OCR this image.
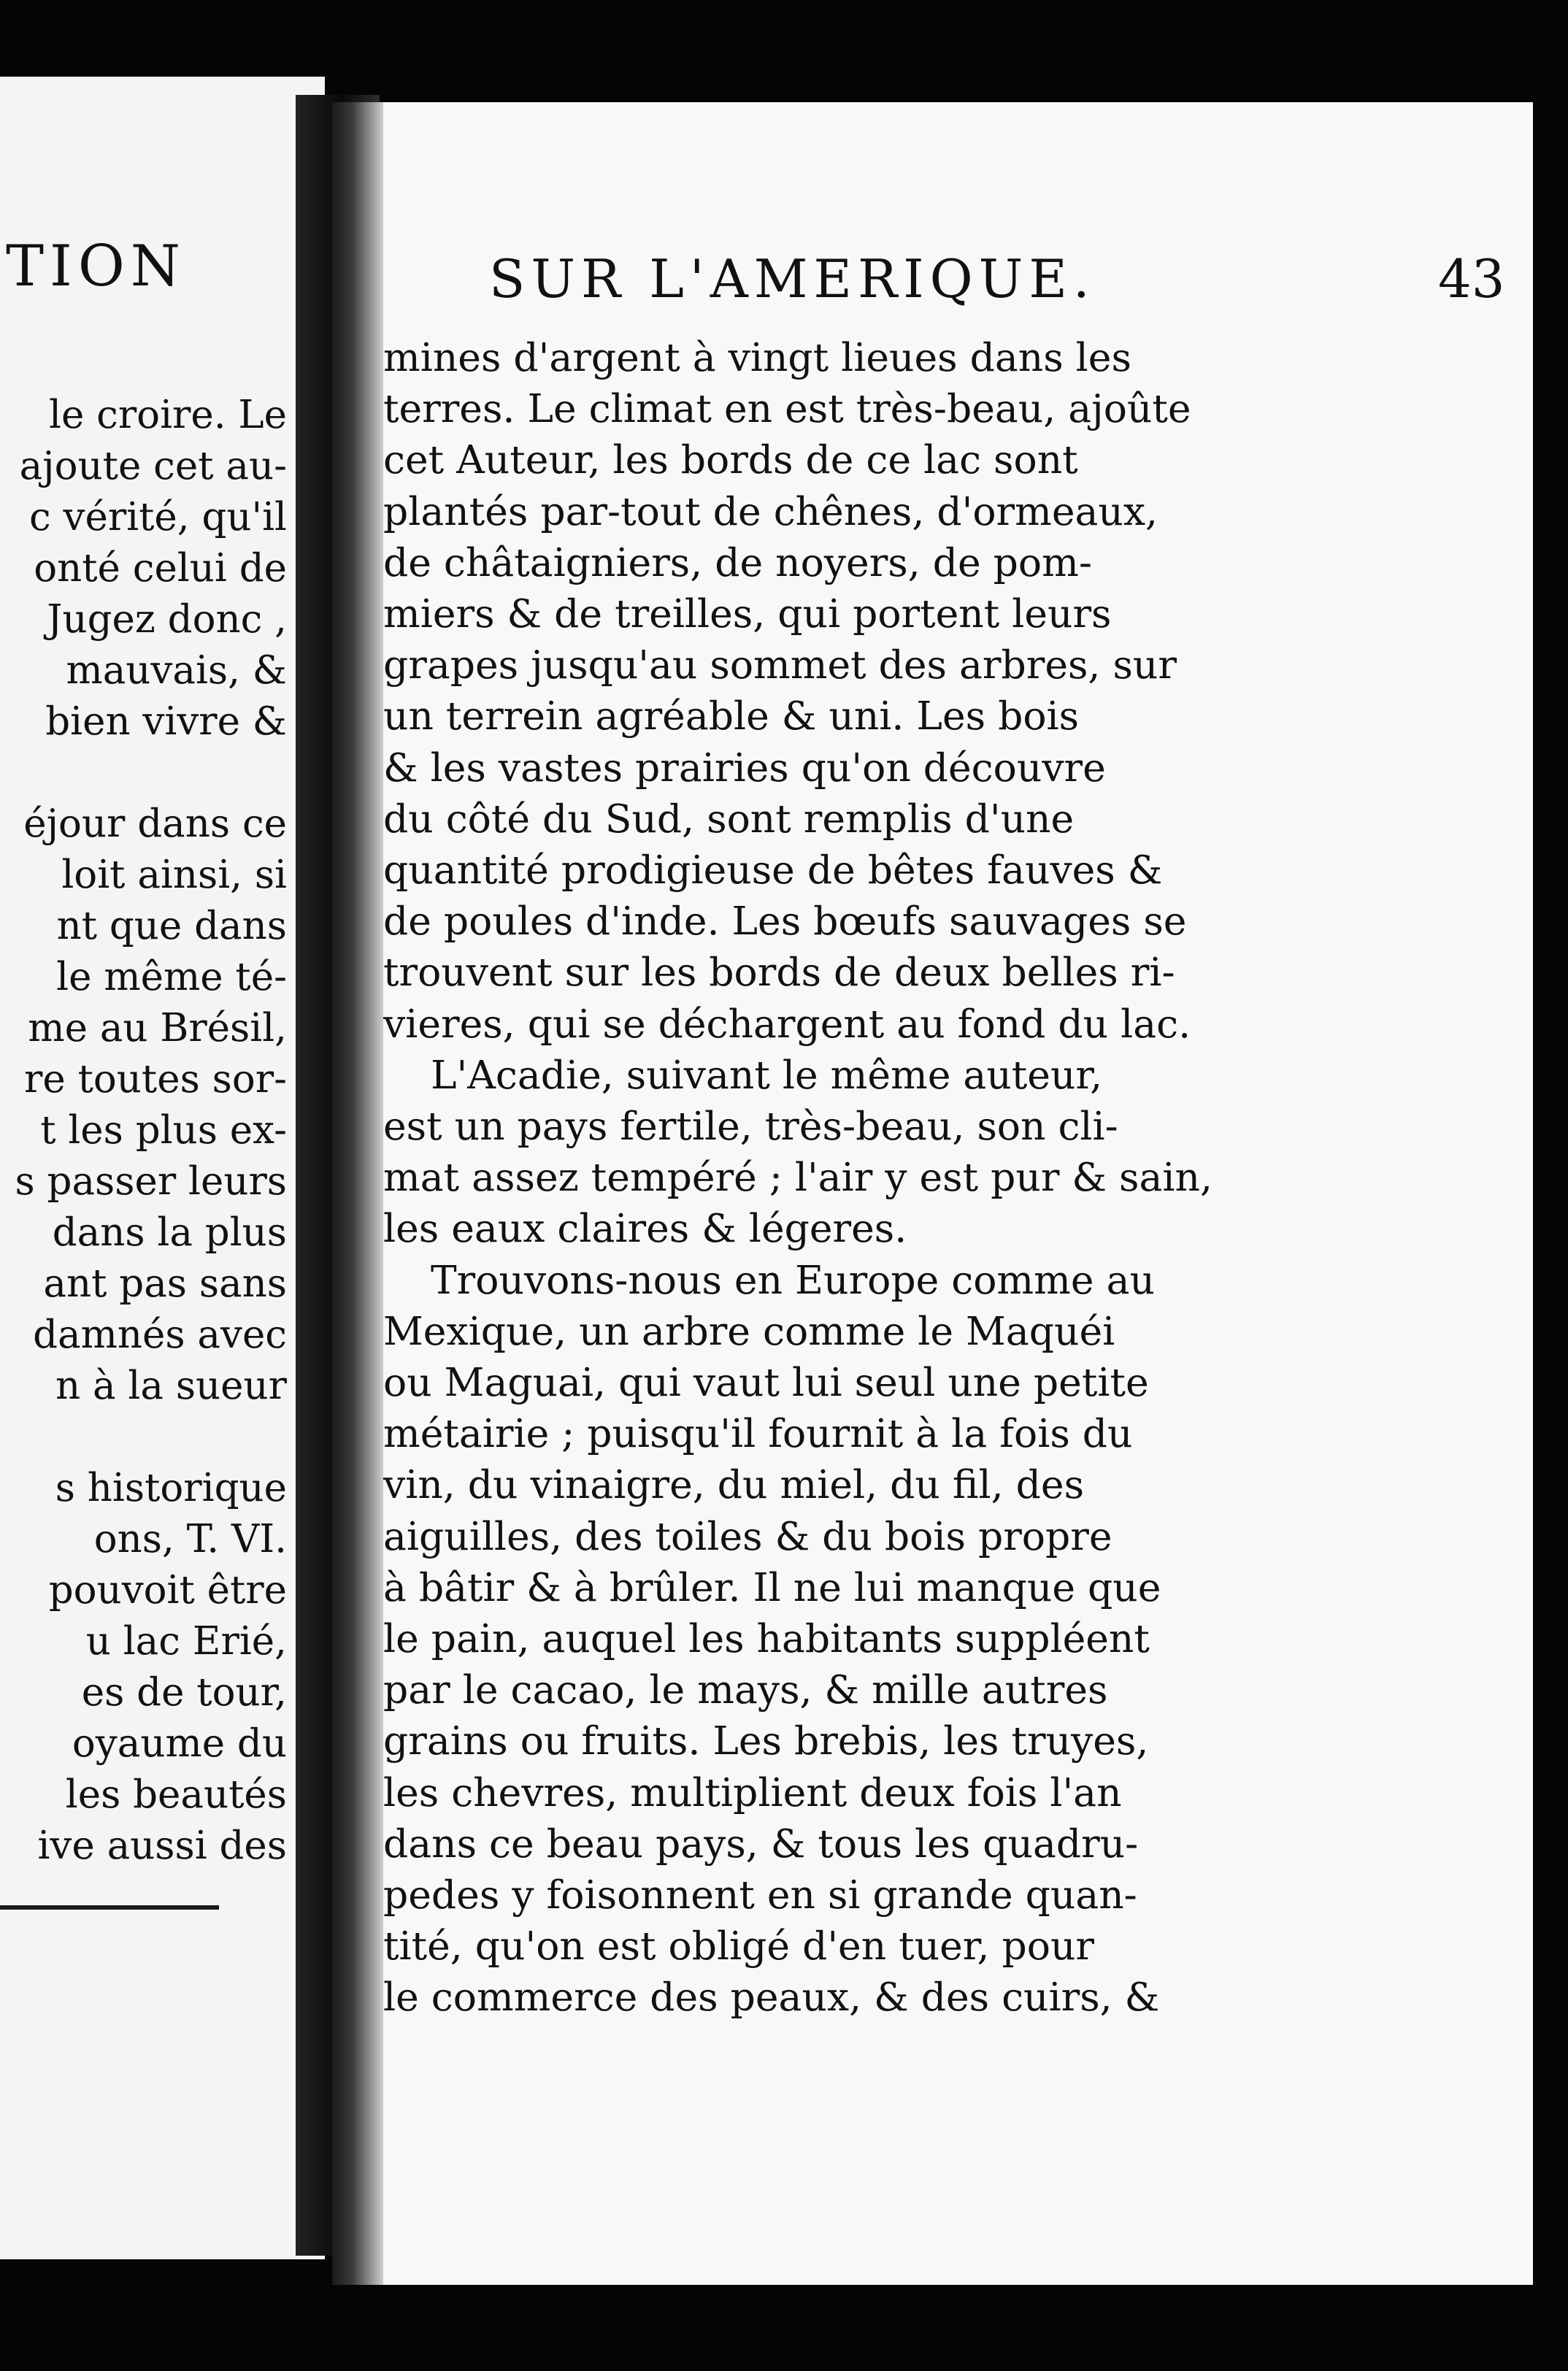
TION
le croire. Le
ajoute cet au-
c vérité, qu'il
onté celui de
Jugez donc ,
mauvais, &
bien vivre &
éjour dans ce
loit ainsi, si
nt que dans
le même té-
me au Brésil,
re toutes sor-
t les plus ex-
s passer leurs
dans la plus
ant pas sans
damnés avec
n à la sueur
s historique
ons, T. VI.
pouvoit être
u lac Erié,
es de tour,
oyaume du
les beautés
ive aussi des
SUR L'AMERIQUE.	43
mines d'argent à vingt lieues dans les
terres. Le climat en est très-beau, ajoûte
cet Auteur, les bords de ce lac sont
plantés par-tout de chênes, d'ormeaux,
de châtaigniers, de noyers, de pom-
miers & de treilles, qui portent leurs
grapes jusqu'au sommet des arbres, sur
un terrein agréable & uni. Les bois
& les vastes prairies qu'on découvre
du côté du Sud, sont remplis d'une
quantité prodigieuse de bêtes fauves &
de poules d'inde. Les bœufs sauvages se
trouvent sur les bords de deux belles ri-
vieres, qui se déchargent au fond du lac.
L'Acadie, suivant le même auteur,
est un pays fertile, très-beau, son cli-
mat assez tempéré ; l'air y est pur & sain,
les eaux claires & légeres.
Trouvons-nous en Europe comme au
Mexique, un arbre comme le Maquéi
ou Maguai, qui vaut lui seul une petite
métairie ; puisqu'il fournit à la fois du
vin, du vinaigre, du miel, du fil, des
aiguilles, des toiles & du bois propre
à bâtir & à brûler. Il ne lui manque que
le pain, auquel les habitants suppléent
par le cacao, le mays, & mille autres
grains ou fruits. Les brebis, les truyes,
les chevres, multiplient deux fois l'an
dans ce beau pays, & tous les quadru-
pedes y foisonnent en si grande quan-
tité, qu'on est obligé d'en tuer, pour
le commerce des peaux, & des cuirs, &
